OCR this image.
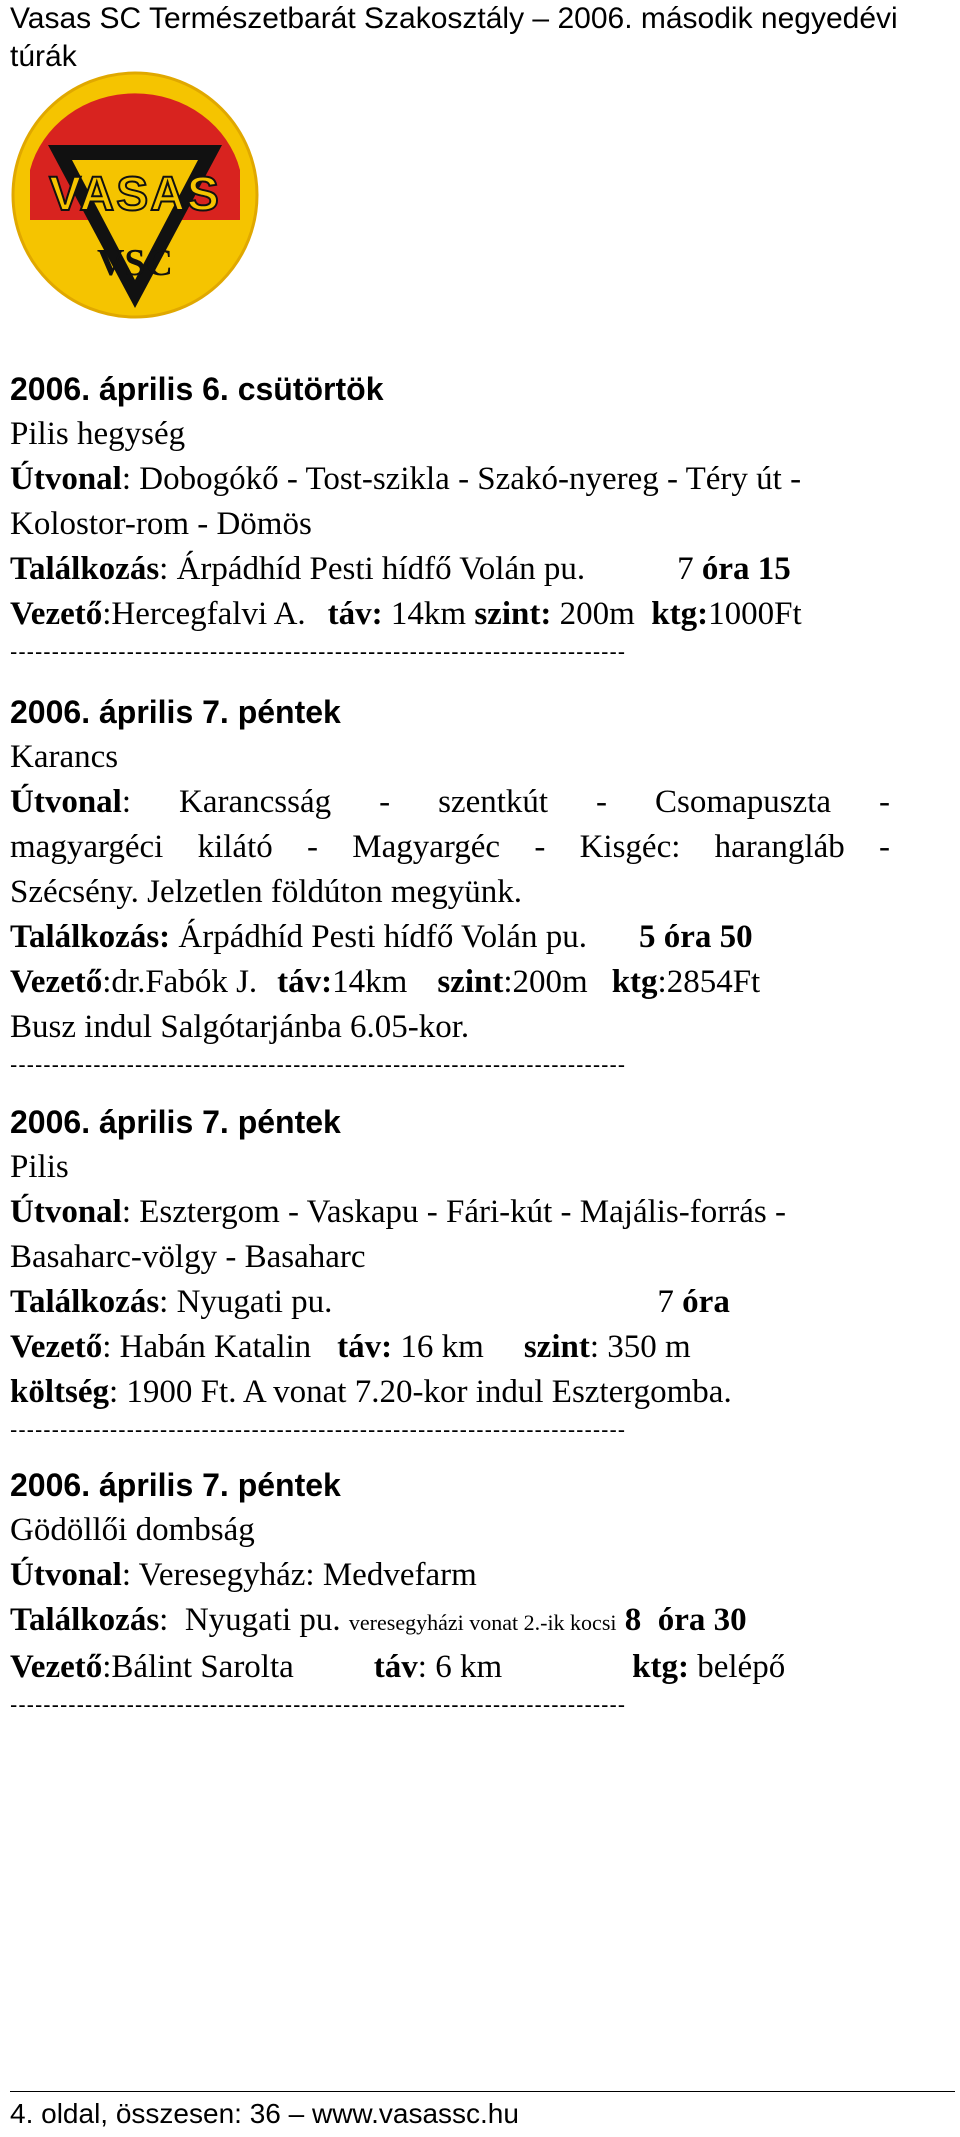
Vasas SC Természetbarát Szakosztály – 2006. második negyedévi túrák
VASAS
VSC
2006. április 6. csütörtök
Pilis hegység
Útvonal: Dobogókő - Tost-szikla - Szakó-nyereg - Téry út -
Kolostor-rom - Dömös
Találkozás: Árpádhíd Pesti hídfő Volán pu.	7 óra 15
Vezető:Hercegfalvi A. táv: 14km szint: 200m ktg:1000Ft
--------------------------------------------------------------------------
2006. április 7. péntek
Karancs
Útvonal: Karancsság - szentkút - Csomapuszta -
magyargéci kilátó - Magyargéc - Kisgéc: harangláb -
Szécsény. Jelzetlen földúton megyünk.
Találkozás: Árpádhíd Pesti hídfő Volán pu. 5 óra 50
Vezető:dr.Fabók J. táv:14km szint:200m ktg:2854Ft
Busz indul Salgótarjánba 6.05-kor.
--------------------------------------------------------------------------
2006. április 7. péntek
Pilis
Útvonal: Esztergom - Vaskapu - Fári-kút - Majális-forrás -
Basaharc-völgy - Basaharc
Találkozás: Nyugati pu.	7 óra
Vezető: Habán Katalin táv: 16 km szint: 350 m
költség: 1900 Ft. A vonat 7.20-kor indul Esztergomba.
--------------------------------------------------------------------------
2006. április 7. péntek
Gödöllői dombság
Útvonal: Veresegyház: Medvefarm
Találkozás:  Nyugati pu. veresegyházi vonat 2.-ik kocsi 8 óra 30
Vezető:Bálint Sarolta táv: 6 km	ktg: belépő
--------------------------------------------------------------------------
4. oldal, összesen: 36 – www.vasassc.hu
